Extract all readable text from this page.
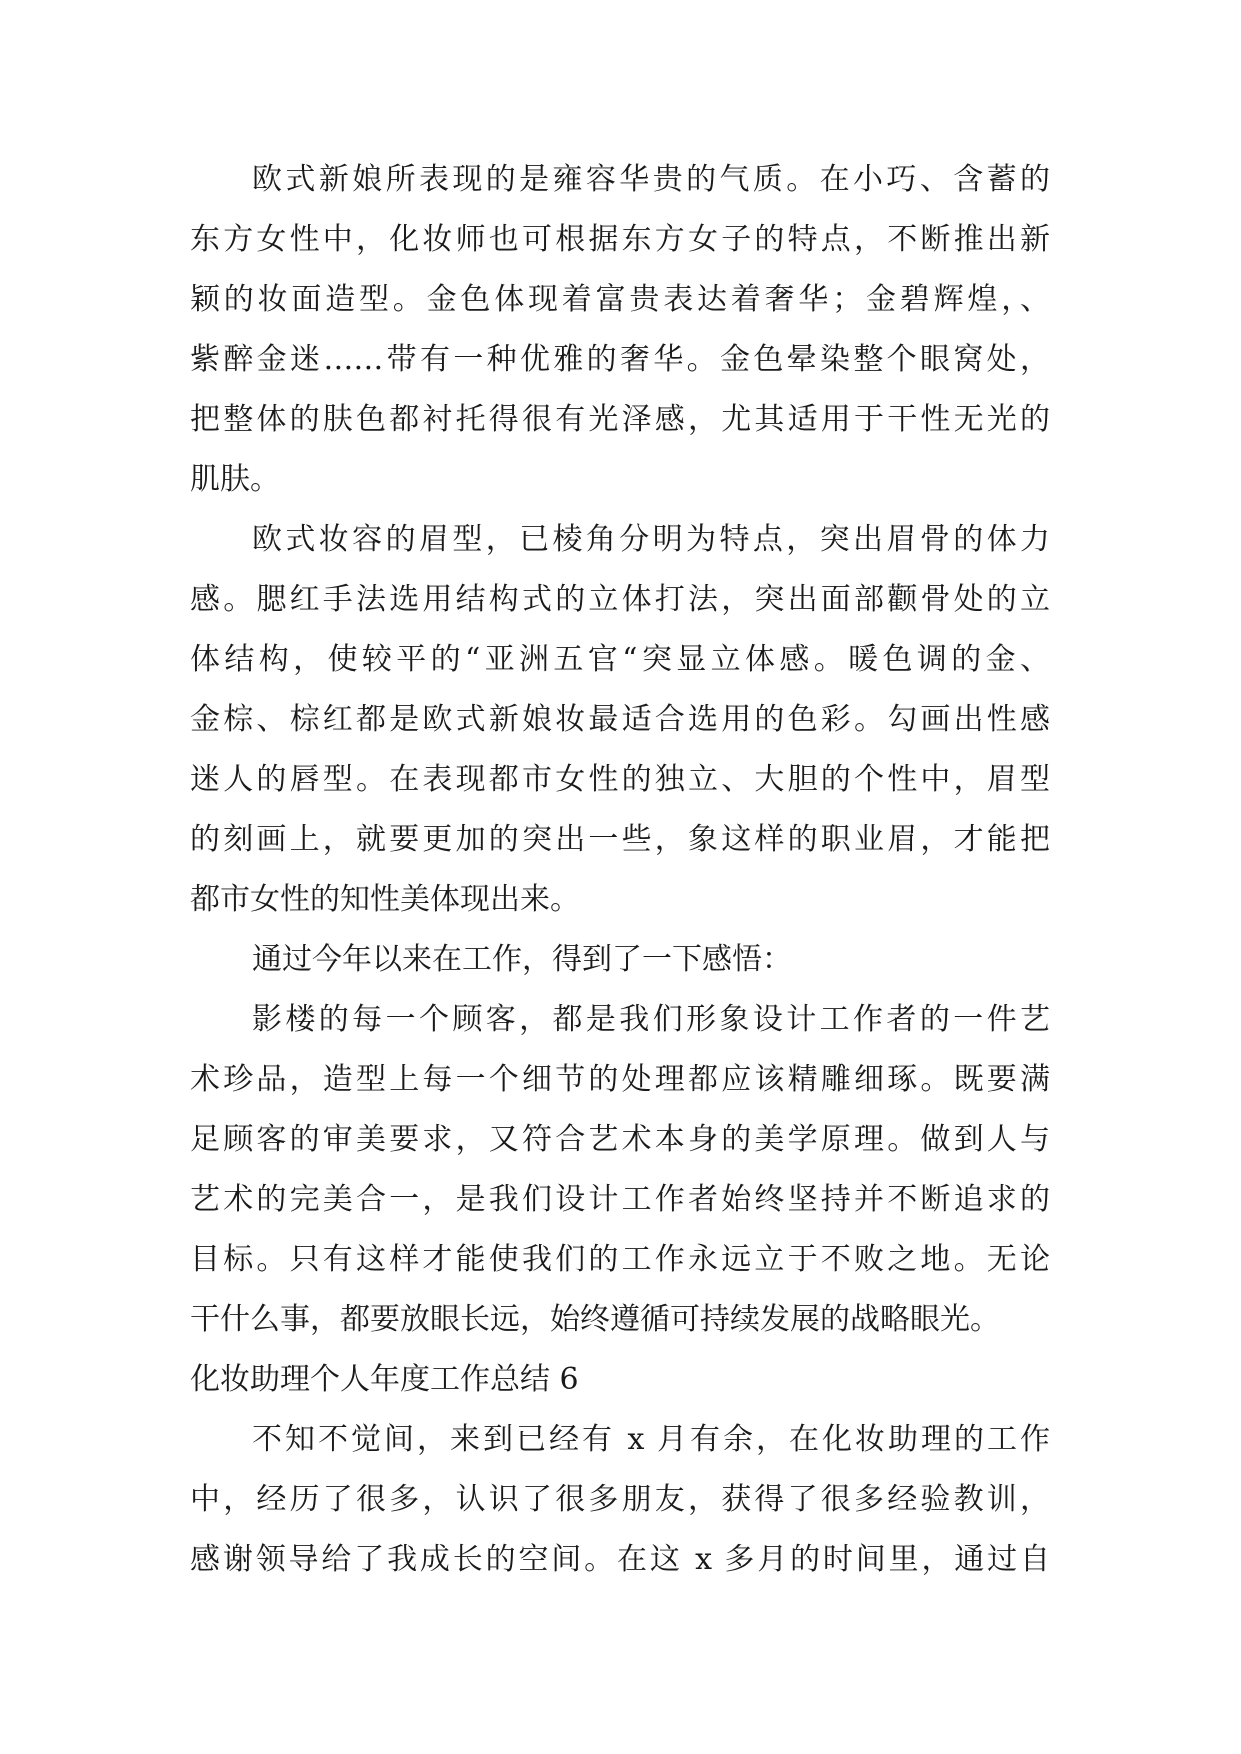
欧式新娘所表现的是雍容华贵的气质。在小巧、含蓄的
东方女性中，化妆师也可根据东方女子的特点，不断推出新
颖的妆面造型。金色体现着富贵表达着奢华；金碧辉煌，、
紫醉金迷……带有一种优雅的奢华。金色晕染整个眼窝处，
把整体的肤色都衬托得很有光泽感，尤其适用于干性无光的
肌肤。
欧式妆容的眉型，已棱角分明为特点，突出眉骨的体力
感。腮红手法选用结构式的立体打法，突出面部颧骨处的立
体结构，使较平的“亚洲五官“突显立体感。暖色调的金、
金棕、棕红都是欧式新娘妆最适合选用的色彩。勾画出性感
迷人的唇型。在表现都市女性的独立、大胆的个性中，眉型
的刻画上，就要更加的突出一些，象这样的职业眉，才能把
都市女性的知性美体现出来。
通过今年以来在工作，得到了一下感悟：
影楼的每一个顾客，都是我们形象设计工作者的一件艺
术珍品，造型上每一个细节的处理都应该精雕细琢。既要满
足顾客的审美要求，又符合艺术本身的美学原理。做到人与
艺术的完美合一，是我们设计工作者始终坚持并不断追求的
目标。只有这样才能使我们的工作永远立于不败之地。无论
干什么事，都要放眼长远，始终遵循可持续发展的战略眼光。
化妆助理个人年度工作总结 6
不知不觉间，来到已经有 x 月有余，在化妆助理的工作
中，经历了很多，认识了很多朋友，获得了很多经验教训，
感谢领导给了我成长的空间。在这 x 多月的时间里，通过自
